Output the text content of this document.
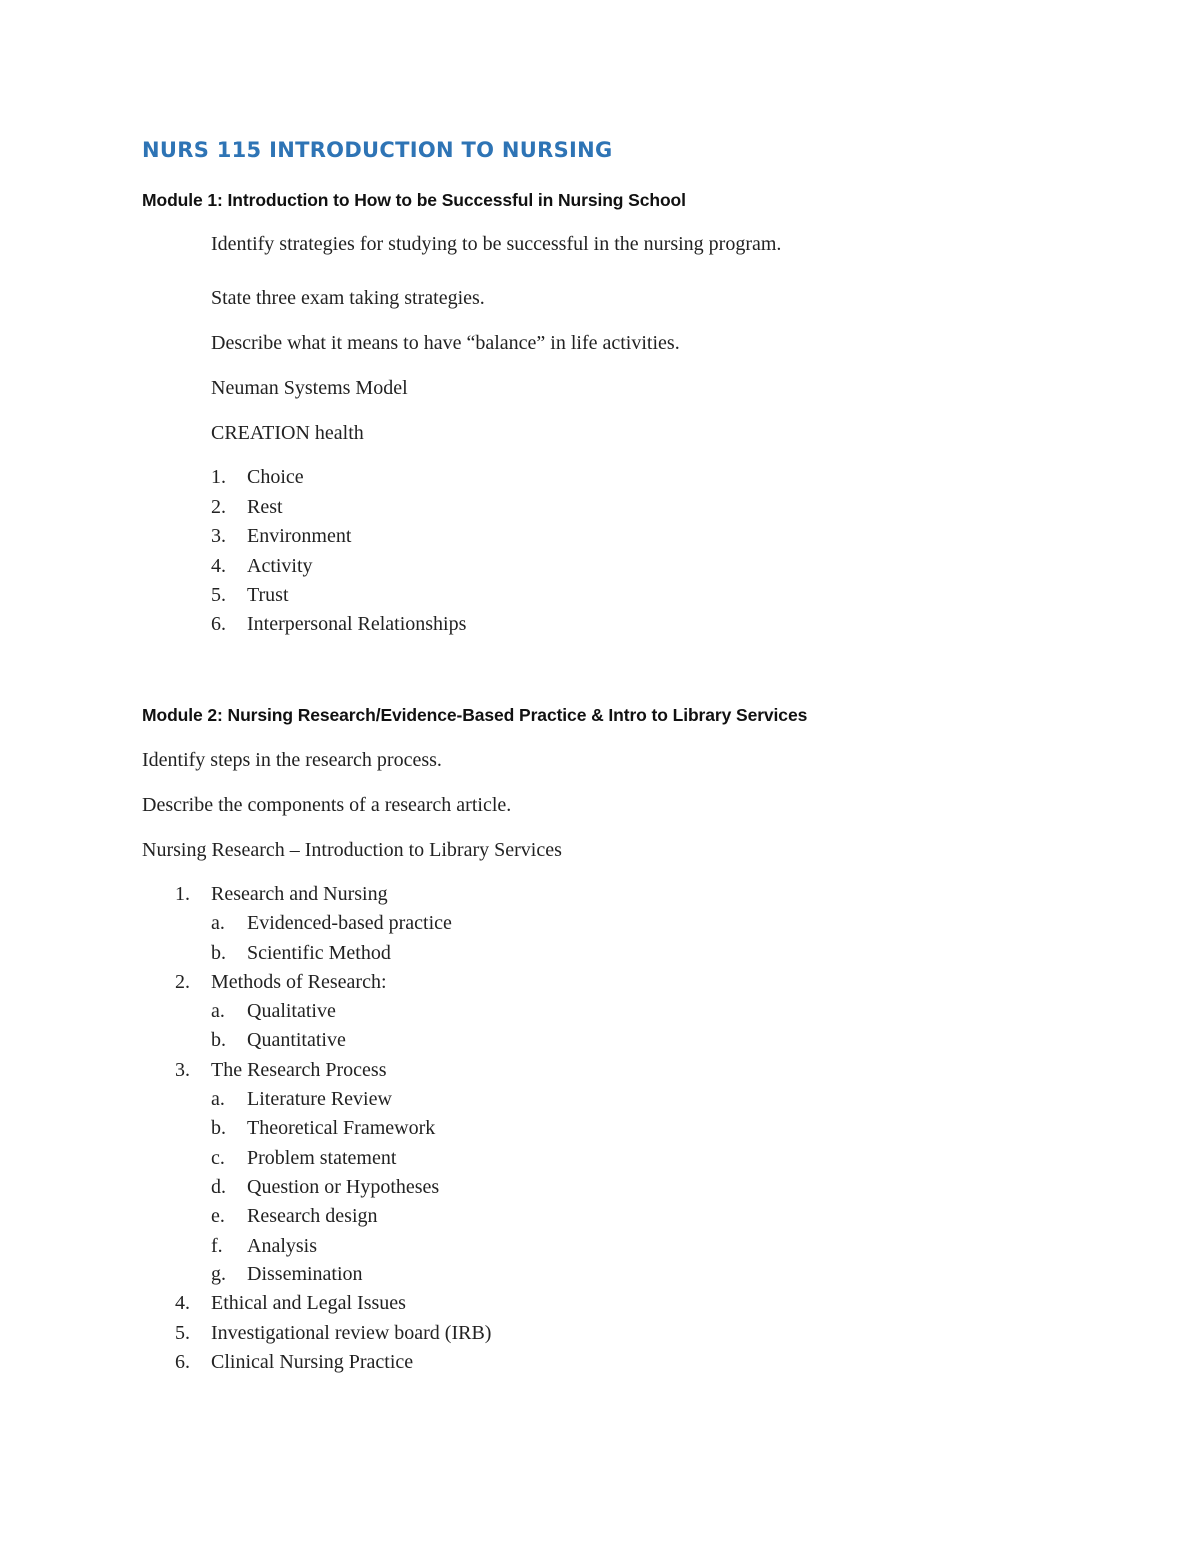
NURS 115 INTRODUCTION TO NURSING
Module 1: Introduction to How to be Successful in Nursing School

Identify strategies for studying to be successful in the nursing program.

State three exam taking strategies.

Describe what it means to have “balance” in life activities.

Neuman Systems Model

CREATION health

1. Choice
2. Rest
3. Environment
4. Activity
5. Trust
6. Interpersonal Relationships
Module 2: Nursing Research/Evidence-Based Practice & Intro to Library Services

Identify steps in the research process.

Describe the components of a research article.

Nursing Research – Introduction to Library Services

1. Research and Nursing
a. Evidenced-based practice
b. Scientific Method
2. Methods of Research:
a. Qualitative
b. Quantitative
3. The Research Process
a. Literature Review
b. Theoretical Framework
c. Problem statement
d. Question or Hypotheses
e. Research design
f. Analysis
g. Dissemination
4. Ethical and Legal Issues
5. Investigational review board (IRB)
6. Clinical Nursing Practice
